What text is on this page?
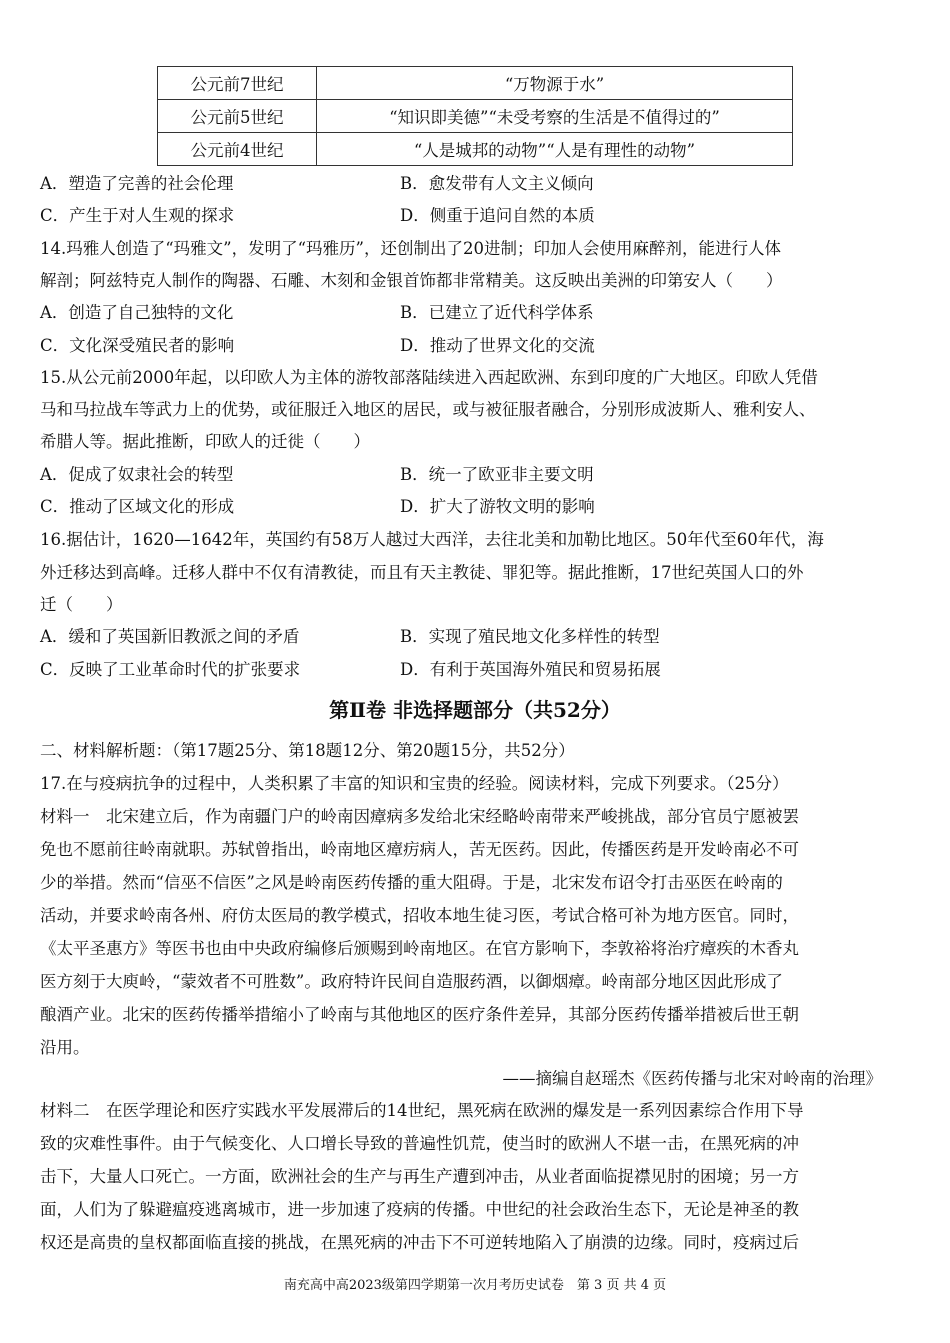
公元前7世纪	“万物源于水”
公元前5世纪	“知识即美德”“未受考察的生活是不值得过的”
公元前4世纪	“人是城邦的动物”“人是有理性的动物”
A．塑造了完善的社会伦理	B．愈发带有人文主义倾向
C．产生于对人生观的探求	D．侧重于追问自然的本质
14.玛雅人创造了“玛雅文”，发明了“玛雅历”，还创制出了20进制；印加人会使用麻醉剂，能进行人体
解剖；阿兹特克人制作的陶器、石雕、木刻和金银首饰都非常精美。这反映出美洲的印第安人（　　）
A．创造了自己独特的文化	B．已建立了近代科学体系
C．文化深受殖民者的影响	D．推动了世界文化的交流
15.从公元前2000年起，以印欧人为主体的游牧部落陆续进入西起欧洲、东到印度的广大地区。印欧人凭借
马和马拉战车等武力上的优势，或征服迁入地区的居民，或与被征服者融合，分别形成波斯人、雅利安人、
希腊人等。据此推断，印欧人的迁徙（　　）
A．促成了奴隶社会的转型	B．统一了欧亚非主要文明
C．推动了区域文化的形成	D．扩大了游牧文明的影响
16.据估计，1620—1642年，英国约有58万人越过大西洋，去往北美和加勒比地区。50年代至60年代，海
外迁移达到高峰。迁移人群中不仅有清教徒，而且有天主教徒、罪犯等。据此推断，17世纪英国人口的外
迁（　　）
A．缓和了英国新旧教派之间的矛盾	B．实现了殖民地文化多样性的转型
C．反映了工业革命时代的扩张要求	D．有利于英国海外殖民和贸易拓展
第Ⅱ卷 非选择题部分（共52分）
二、材料解析题：（第17题25分、第18题12分、第20题15分，共52分）
17.在与疫病抗争的过程中，人类积累了丰富的知识和宝贵的经验。阅读材料，完成下列要求。（25分）
材料一　北宋建立后，作为南疆门户的岭南因瘴病多发给北宋经略岭南带来严峻挑战，部分官员宁愿被罢
免也不愿前往岭南就职。苏轼曾指出，岭南地区瘴疠病人，苦无医药。因此，传播医药是开发岭南必不可
少的举措。然而“信巫不信医”之风是岭南医药传播的重大阻碍。于是，北宋发布诏令打击巫医在岭南的
活动，并要求岭南各州、府仿太医局的教学模式，招收本地生徒习医，考试合格可补为地方医官。同时，
《太平圣惠方》等医书也由中央政府编修后颁赐到岭南地区。在官方影响下，李敦裕将治疗瘴疾的木香丸
医方刻于大庾岭，“蒙效者不可胜数”。政府特许民间自造服药酒，以御烟瘴。岭南部分地区因此形成了
酿酒产业。北宋的医药传播举措缩小了岭南与其他地区的医疗条件差异，其部分医药传播举措被后世王朝
沿用。
——摘编自赵瑶杰《医药传播与北宋对岭南的治理》
材料二　在医学理论和医疗实践水平发展滞后的14世纪，黑死病在欧洲的爆发是一系列因素综合作用下导
致的灾难性事件。由于气候变化、人口增长导致的普遍性饥荒，使当时的欧洲人不堪一击，在黑死病的冲
击下，大量人口死亡。一方面，欧洲社会的生产与再生产遭到冲击，从业者面临捉襟见肘的困境；另一方
面，人们为了躲避瘟疫逃离城市，进一步加速了疫病的传播。中世纪的社会政治生态下，无论是神圣的教
权还是高贵的皇权都面临直接的挑战，在黑死病的冲击下不可逆转地陷入了崩溃的边缘。同时，疫病过后
南充高中高2023级第四学期第一次月考历史试卷　第 3 页 共 4 页
